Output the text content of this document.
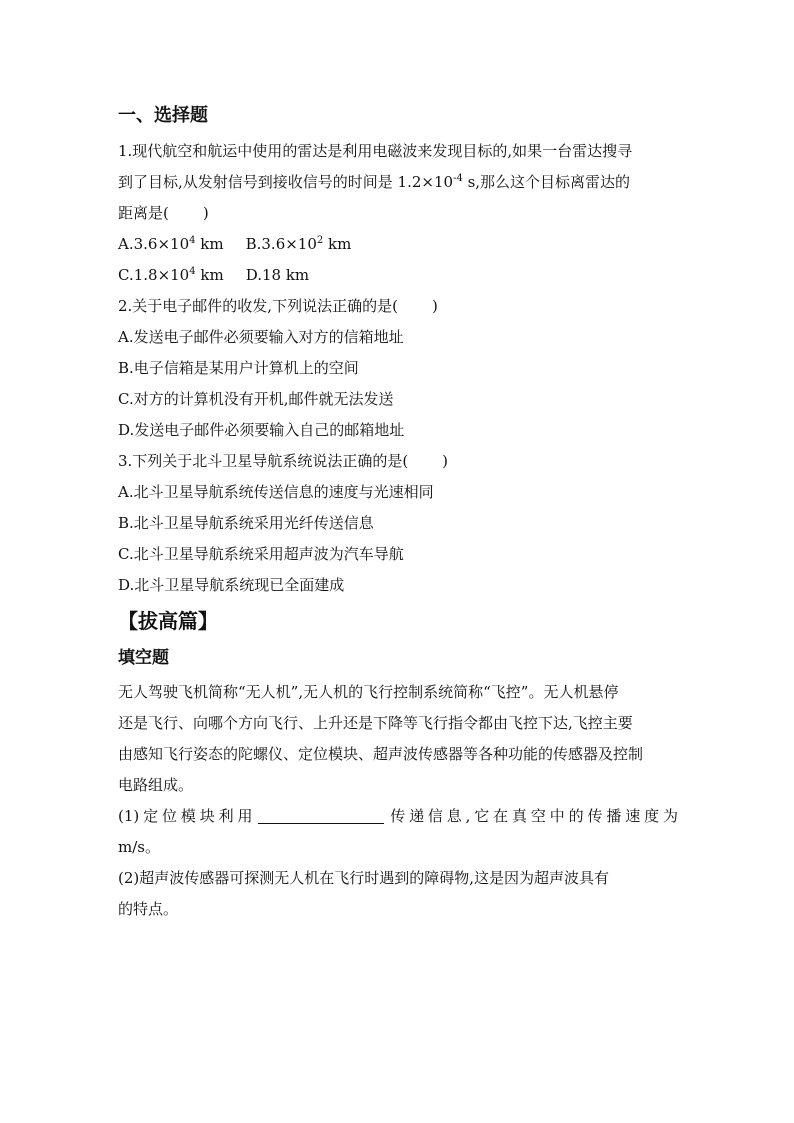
一、选择题

1.现代航空和航运中使用的雷达是利用电磁波来发现目标的,如果一台雷达搜寻

到了目标,从发射信号到接收信号的时间是 $1.2\times 10^{-4}$ s,那么这个目标离雷达的

距离是( )

$A.3.6\times 10^4$ km $B.3.6\times 10^2$ km
$C.1.8\times 10^4$ km D.18 km

2.关于电子邮件的收发,下列说法正确的是( )

A.发送电子邮件必须要输入对方的信箱地址

B.电子信箱是某用户计算机上的空间

C.对方的计算机没有开机,邮件就无法发送

D.发送电子邮件必须要输入自己的邮箱地址

3.下列关于北斗卫星导航系统说法正确的是( )

A.北斗卫星导航系统传送信息的速度与光速相同

B.北斗卫星导航系统采用光纤传送信息

C.北斗卫星导航系统采用超声波为汽车导航

D.北斗卫星导航系统现已全面建成

【拔高篇】
填空题

无人驾驶飞机简称“无人机”,无人机的飞行控制系统简称“飞控”。无人机悬停

还是飞行、向哪个方向飞行、上升还是下降等飞行指令都由飞控下达,飞控主要

由感知飞行姿态的陀螺仪、定位模块、超声波传感器等各种功能的传感器及控制

电路组成。

(1)定位模块利用	传递信息,它在真空中的传播速度为

m/s。

(2)超声波传感器可探测无人机在飞行时遇到的障碍物,这是因为超声波具有

的特点。
